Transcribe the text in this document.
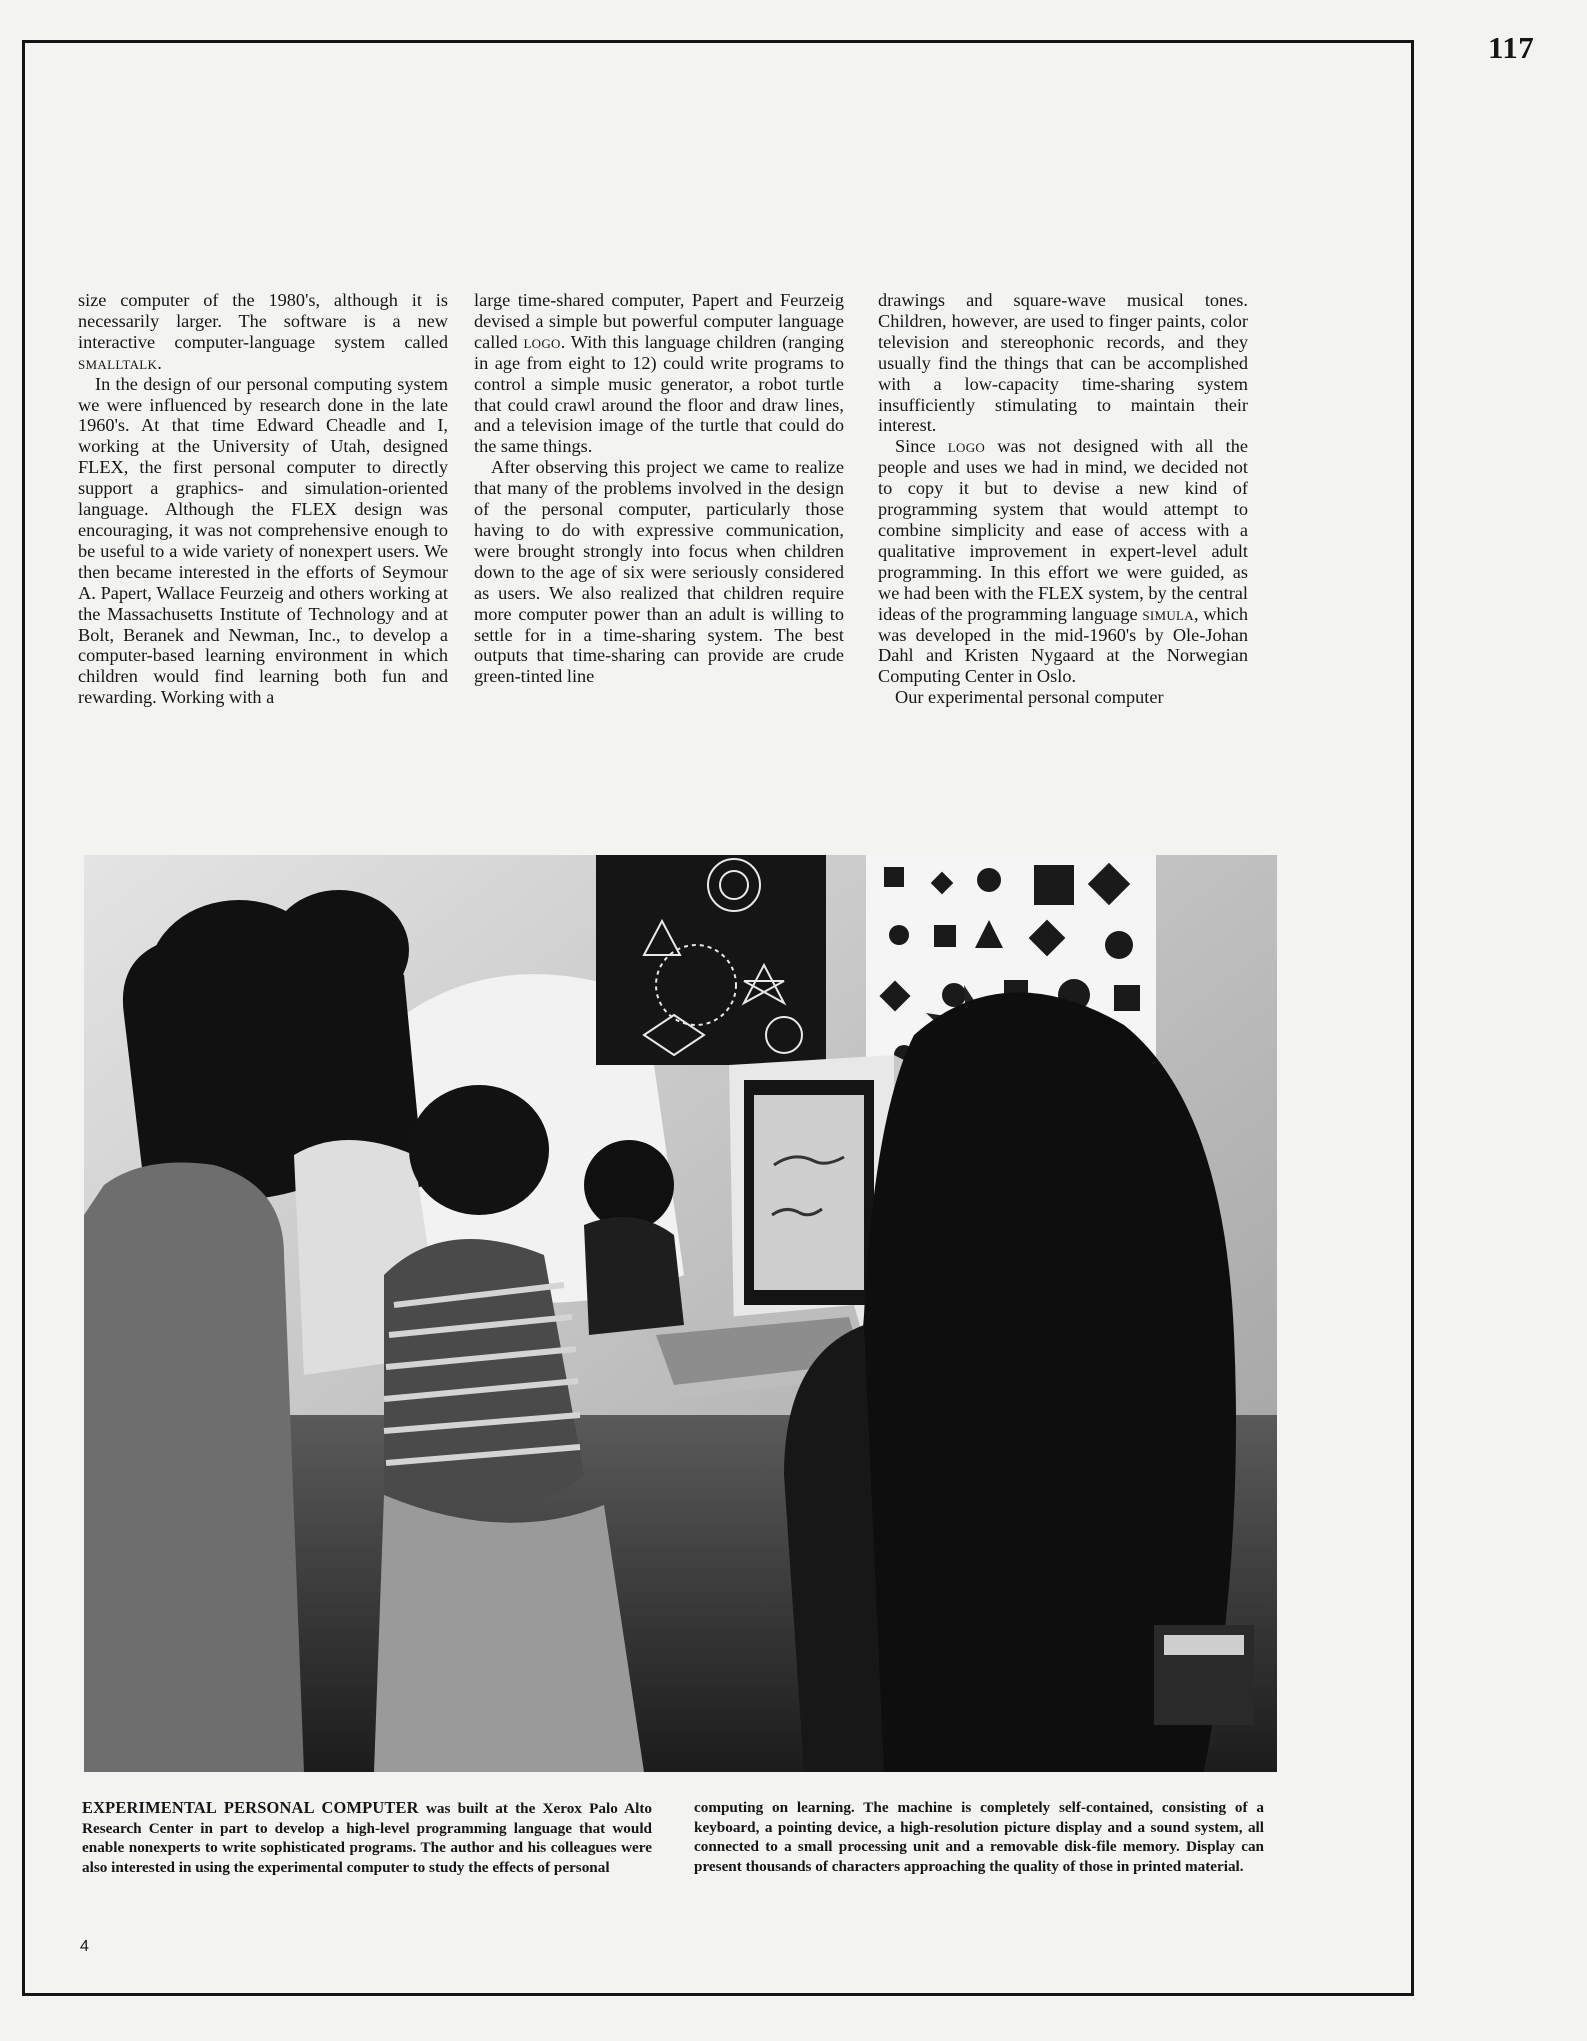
117

size computer of the 1980's, although it is necessarily larger. The software is a new interactive computer-language system called smalltalk.

In the design of our personal computing system we were influenced by research done in the late 1960's. At that time Edward Cheadle and I, working at the University of Utah, designed FLEX, the first personal computer to directly support a graphics- and simulation-oriented language. Although the FLEX design was encouraging, it was not comprehensive enough to be useful to a wide variety of nonexpert users. We then became interested in the efforts of Seymour A. Papert, Wallace Feurzeig and others working at the Massachusetts Institute of Technology and at Bolt, Beranek and Newman, Inc., to develop a computer-based learning environment in which children would find learning both fun and rewarding. Working with a

large time-shared computer, Papert and Feurzeig devised a simple but powerful computer language called logo. With this language children (ranging in age from eight to 12) could write programs to control a simple music generator, a robot turtle that could crawl around the floor and draw lines, and a television image of the turtle that could do the same things.

After observing this project we came to realize that many of the problems involved in the design of the personal computer, particularly those having to do with expressive communication, were brought strongly into focus when children down to the age of six were seriously considered as users. We also realized that children require more computer power than an adult is willing to settle for in a time-sharing system. The best outputs that time-sharing can provide are crude green-tinted line

drawings and square-wave musical tones. Children, however, are used to finger paints, color television and stereophonic records, and they usually find the things that can be accomplished with a low-capacity time-sharing system insufficiently stimulating to maintain their interest.

Since logo was not designed with all the people and uses we had in mind, we decided not to copy it but to devise a new kind of programming system that would attempt to combine simplicity and ease of access with a qualitative improvement in expert-level adult programming. In this effort we were guided, as we had been with the FLEX system, by the central ideas of the programming language simula, which was developed in the mid-1960's by Ole-Johan Dahl and Kristen Nygaard at the Norwegian Computing Center in Oslo.

Our experimental personal computer

EXPERIMENTAL PERSONAL COMPUTER was built at the Xerox Palo Alto Research Center in part to develop a high-level programming language that would enable nonexperts to write sophisticated programs. The author and his colleagues were also interested in using the experimental computer to study the effects of personal
computing on learning. The machine is completely self-contained, consisting of a keyboard, a pointing device, a high-resolution picture display and a sound system, all connected to a small processing unit and a removable disk-file memory. Display can present thousands of characters approaching the quality of those in printed material.
4
